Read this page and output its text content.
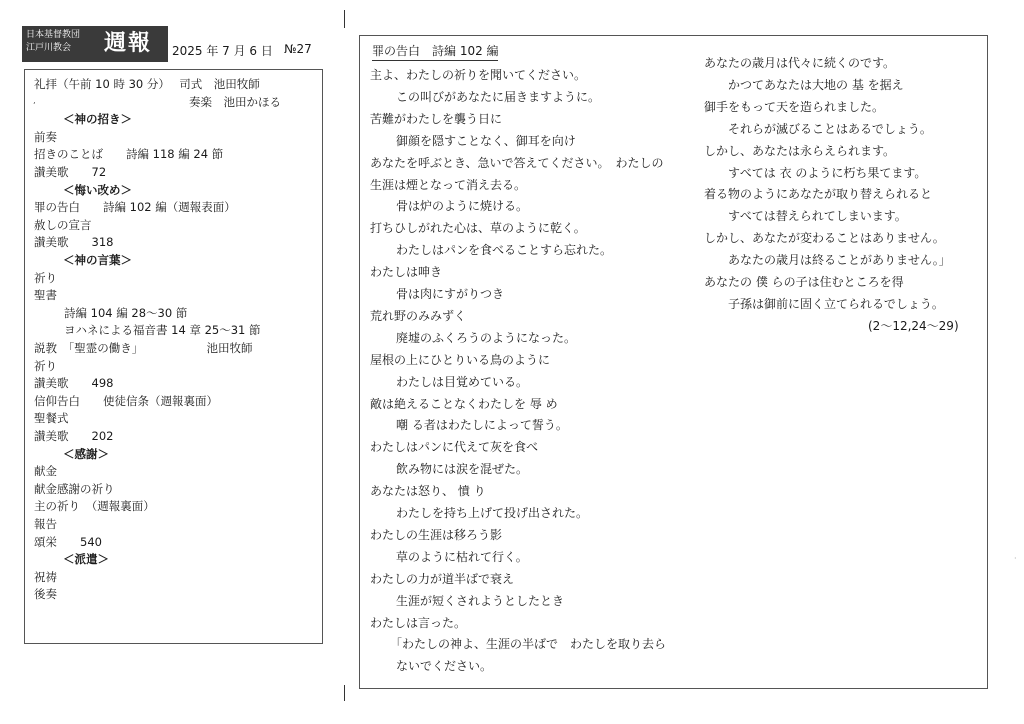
日本基督教団
江戸川教会 週報 2025 年 7 月 6 日 №27
‚
礼拝（午前 10 時 30 分）　 司式　池田牧師
奏楽　池田かほる
＜神の招き＞
前奏
招きのことば　　詩編 118 編 24 節
讃美歌　　72
＜悔い改め＞
罪の告白　　詩編 102 編（週報表面）
赦しの宣言
讃美歌　　318
＜神の言葉＞
祈り
聖書
詩編 104 編 28～30 節
ヨハネによる福音書 14 章 25～31 節
説教　「聖霊の働き」　　　　　　池田牧師
祈り
讃美歌　　498
信仰告白　　使徒信条（週報裏面）
聖餐式
讃美歌　　202
＜感謝＞
献金
献金感謝の祈り
主の祈り　（週報裏面）
報告
頌栄　　540
＜派遣＞
祝祷
後奏
罪の告白　詩編 102 編
(2～12,24～29)
主よ、わたしの祈りを聞いてください。
この叫びがあなたに届きますように。
苦難がわたしを襲う日に
御顔を隠すことなく、御耳を向け
あなたを呼ぶとき、急いで答えてください。　わたしの
生涯は煙となって消え去る。
骨は炉のように焼ける。
打ちひしがれた心は、草のように乾く。
わたしはパンを食べることすら忘れた。
わたしは呻き
骨は肉にすがりつき
荒れ野のみみずく
廃墟のふくろうのようになった。
屋根の上にひとりいる鳥のように
わたしは目覚めている。
敵は絶えることなくわたしを 辱 め
嘲 る者はわたしによって誓う。
わたしはパンに代えて灰を食べ
飲み物には涙を混ぜた。
あなたは怒り、 憤 り
わたしを持ち上げて投げ出された。
わたしの生涯は移ろう影
草のように枯れて行く。
わたしの力が道半ばで衰え
生涯が短くされようとしたとき
わたしは言った。
「わたしの神よ、生涯の半ばで　わたしを取り去ら
ないでください。
あなたの歳月は代々に続くのです。
かつてあなたは大地の 基 を据え
御手をもって天を造られました。
それらが滅びることはあるでしょう。
しかし、あなたは永らえられます。
すべては 衣 のように朽ち果てます。
着る物のようにあなたが取り替えられると
すべては替えられてしまいます。
しかし、あなたが変わることはありません。
あなたの歳月は終ることがありません。」
あなたの 僕 らの子は住むところを得
子孫は御前に固く立てられるでしょう。
·
